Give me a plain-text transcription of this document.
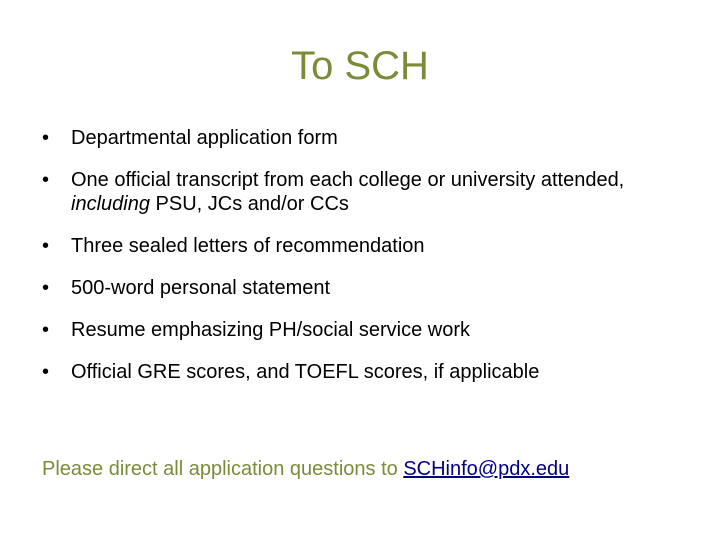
To SCH
• Departmental application form
• One official transcript from each college or university attended, including PSU, JCs and/or CCs
• Three sealed letters of recommendation
• 500-word personal statement
• Resume emphasizing PH/social service work
• Official GRE scores, and TOEFL scores, if applicable
Please direct all application questions to SCHinfo@pdx.edu
